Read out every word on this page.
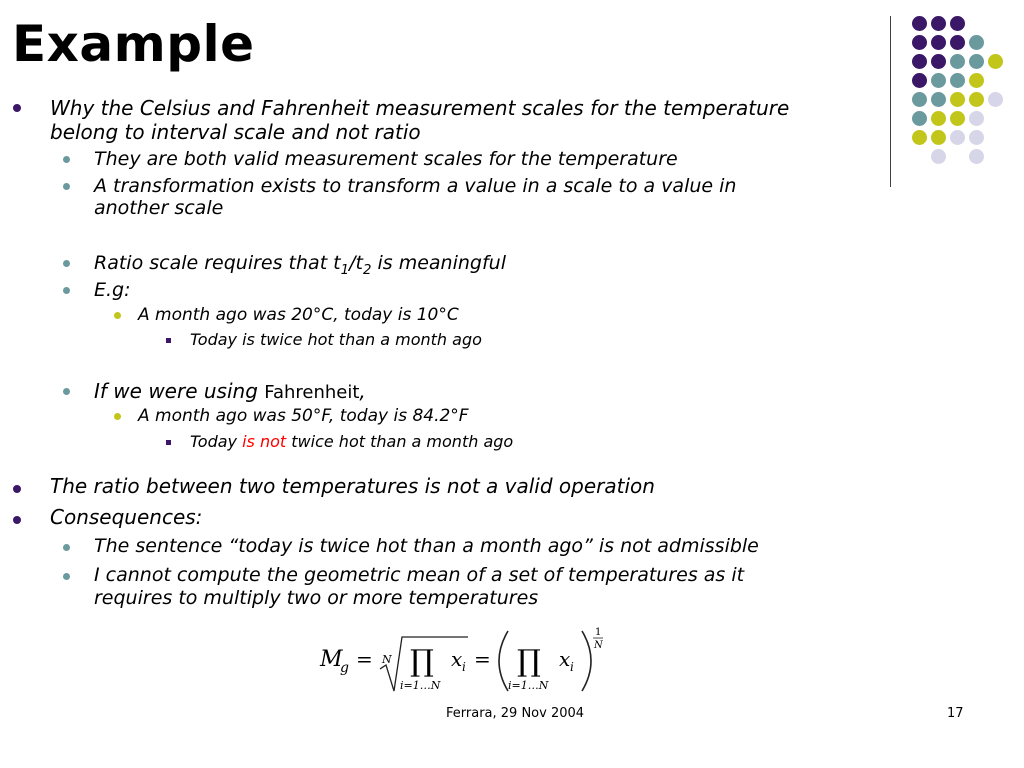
Example
Why the Celsius and Fahrenheit measurement scales for the temperature
belong to interval scale and not ratio
They are both valid measurement scales for the temperature
A transformation exists to transform a value in a scale to a value in
another scale
Ratio scale requires that $t_1/t_2$ is meaningful
E.g:
A month ago was 20°C, today is 10°C
Today is twice hot than a month ago
If we were using Fahrenheit,
A month ago was 50°F, today is 84.2°F
Today is not twice hot than a month ago
The ratio between two temperatures is not a valid operation
Consequences:
The sentence “today is twice hot than a month ago” is not admissible
I cannot compute the geometric mean of a set of temperatures as it
requires to multiply two or more temperatures
M
g = N ∏
i=1…N
x i = ∏
i=1…N
x i
1
N
Ferrara, 29 Nov 2004	17
